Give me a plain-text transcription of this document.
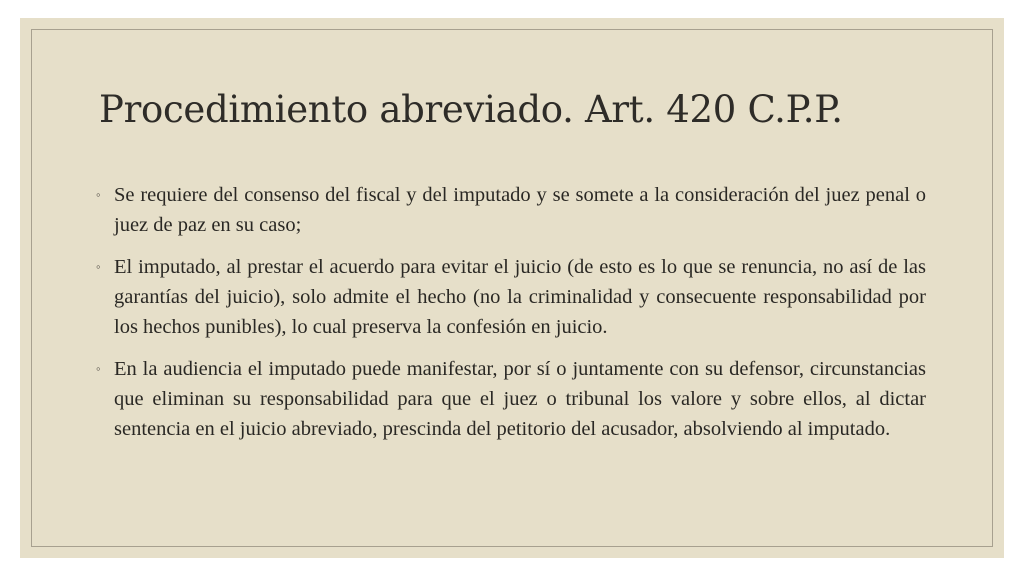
Procedimiento abreviado. Art. 420 C.P.P.
◦ Se requiere del consenso del fiscal y del imputado y se somete a la consideración del juez penal o juez de paz en su caso;
◦ El imputado, al prestar el acuerdo para evitar el juicio (de esto es lo que se renuncia, no así de las garantías del juicio), solo admite el hecho (no la criminalidad y consecuente responsabilidad por los hechos punibles), lo cual preserva la confesión en juicio.
◦ En la audiencia el imputado puede manifestar, por sí o juntamente con su defensor, circunstancias que eliminan su responsabilidad para que el juez o tribunal los valore y sobre ellos, al dictar sentencia en el juicio abreviado, prescinda del petitorio del acusador, absolviendo al imputado.
